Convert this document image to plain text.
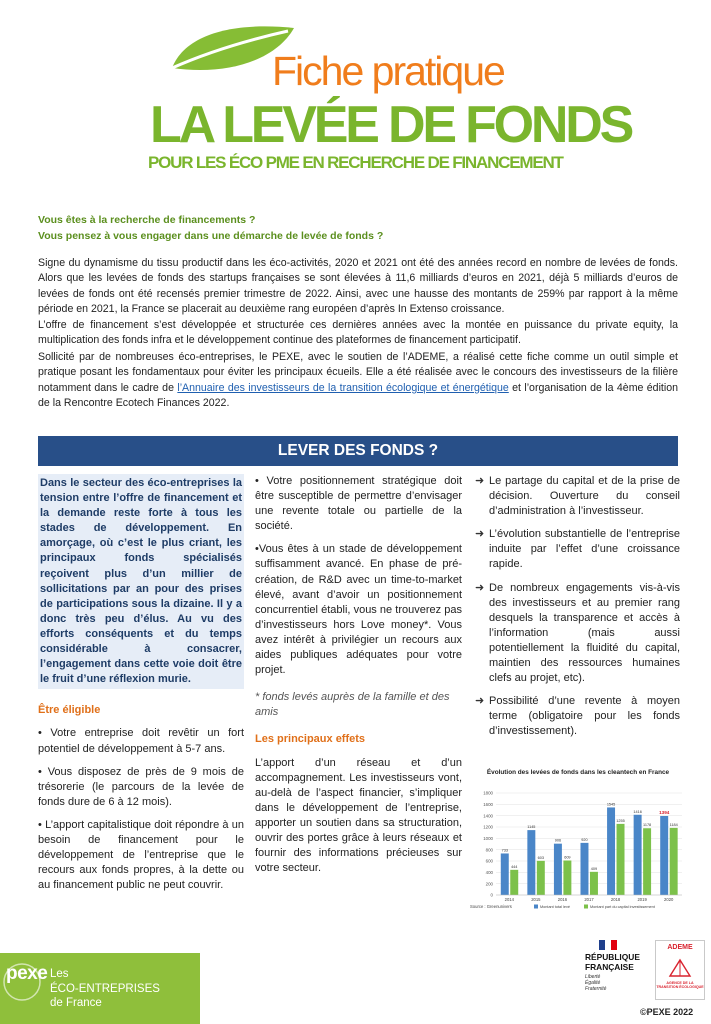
Fiche pratique
LA LEVÉE DE FONDS
POUR LES ÉCO PME EN RECHERCHE DE FINANCEMENT
Vous êtes à la recherche de financements ?
Vous pensez à vous engager dans une démarche de levée de fonds ?

Signe du dynamisme du tissu productif dans les éco-activités, 2020 et 2021 ont été des années record en nombre de levées de fonds. Alors que les levées de fonds des startups françaises se sont élevées à 11,6 milliards d’euros en 2021, déjà 5 milliards d’euros de levées de fonds ont été recensés premier trimestre de 2022. Ainsi, avec une hausse des montants de 259% par rapport à la même période en 2021, la France se placerait au deuxième rang européen d’après In Extenso croissance.

L’offre de financement s’est développée et structurée ces dernières années avec la montée en puissance du private equity, la multiplication des fonds infra et le développement continue des plateformes de financement participatif.

Sollicité par de nombreuses éco-entreprises, le PEXE, avec le soutien de l’ADEME, a réalisé cette fiche comme un outil simple et pratique posant les fondamentaux pour éviter les principaux écueils. Elle a été réalisée avec le concours des investisseurs de la filière notamment dans le cadre de l’Annuaire des investisseurs de la transition écologique et énergétique et l’organisation de la 4ème édition de la Rencontre Ecotech Finances 2022.

LEVER DES FONDS ?
Dans le secteur des éco-entreprises la tension entre l’offre de financement et la demande reste forte à tous les stades de développement. En amorçage, où c’est le plus criant, les principaux fonds spécialisés reçoivent plus d’un millier de sollicitations par an pour des prises de participations sous la dizaine. Il y a donc très peu d’élus. Au vu des efforts conséquents et du temps considérable à consacrer, l’engagement dans cette voie doit être le fruit d’une réflexion murie.
Être éligible
• Votre entreprise doit revêtir un fort potentiel de développement à 5-7 ans.
• Vous disposez de près de 9 mois de trésorerie (le parcours de la levée de fonds dure de 6 à 12 mois).
• L’apport capitalistique doit répondre à un besoin de financement pour le développement de l’entreprise que le recours aux fonds propres, à la dette ou au financement public ne peut couvrir.
• Votre positionnement stratégique doit être susceptible de permettre d’envisager une revente totale ou partielle de la société.
•Vous êtes à un stade de développement suffisamment avancé. En phase de pré-création, de R&D avec un time-to-market élevé, avant d’avoir un positionnement concurrentiel établi, vous ne trouverez pas d’investisseurs hors Love money*. Vous avez intérêt à privilégier un recours aux aides publiques adéquates pour votre projet.
* fonds levés auprès de la famille et des amis
Les principaux effets
L’apport d’un réseau et d’un accompagnement. Les investisseurs vont, au-delà de l’aspect financier, s’impliquer dans le développement de l’entreprise, apporter un soutien dans sa structuration, ouvrir des portes grâce à leurs réseaux et fournir des informations précieuses sur votre secteur.
➜ Le partage du capital et de la prise de décision. Ouverture du conseil d’administration à l’investisseur.
➜ L’évolution substantielle de l’entreprise induite par l’effet d’une croissance rapide.
➜ De nombreux engagements vis-à-vis des investisseurs et au premier rang desquels la transparence et accès à l’information (mais aussi potentiellement la fluidité du capital, maintien des ressources humaines clefs au projet, etc).
➜ Possibilité d’une revente à moyen terme (obligatoire pour les fonds d’investissement).
Évolution des levées de fonds dans les cleantech en France
0
200
400
600
800
1000
1200
1400
1600
1800
733
444
2014
1145
603
2015
906
609
2016
920
409
2017
1545
1255
2018
1416
1178
2019
1394
1184
2020
Source : Greenunivers	Montant total levé	Montant part du capital investissement
pexe Les
ÉCO-ENTREPRISES
de France
RÉPUBLIQUE
FRANÇAISE
Liberté
Égalité
Fraternité
ADEME
AGENCE DE LA TRANSITION ÉCOLOGIQUE
©PEXE 2022
